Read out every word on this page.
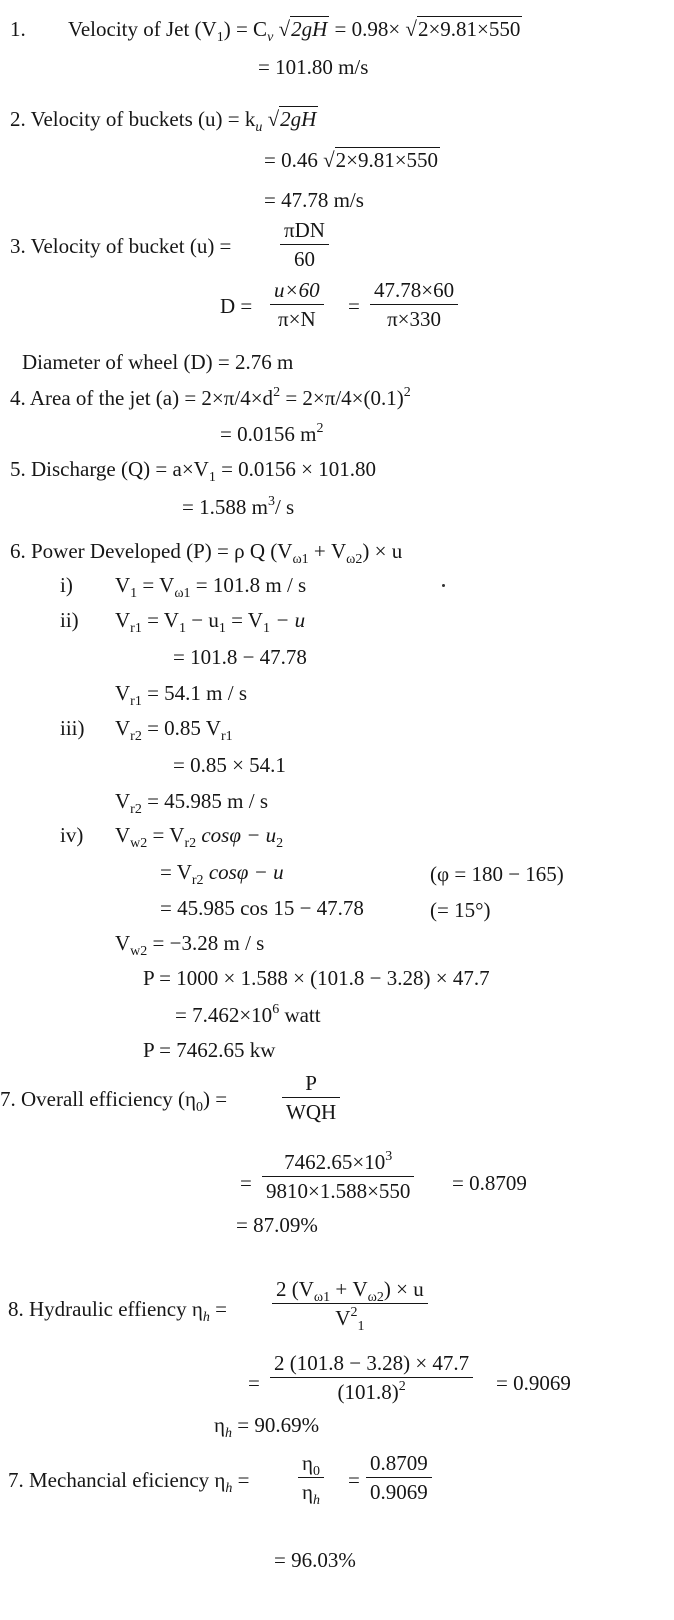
1. Velocity of Jet $(V_1) = C_v$ √2gH = 0.98× √2×9.81×550
= 101.80 m/s
2. Velocity of buckets $(u) = k_u$ √2gH
= 0.46 √2×9.81×550
= 47.78 m/s
3. Velocity of bucket (u) =
πDN
60
$D = \frac{u\times 60}{\pi\times N} = \frac{47.78\times 60}{\pi\times 330}$
Diameter of wheel (D) = 2.76 m
4. Area of the jet $(a) = 2\times\pi/4\times d^2 = 2\times\pi/4\times(0.1)^2$
= 0.0156 $m^2$
5. Discharge $(Q) = a\times V_1 = 0.0156 \times 101.80$
= 1.588 $m^3/$ s
6. Power Developed (P) = ρ Q $(V_{\omega 1} + V_{\omega 2}) \times u$
i) $V_1 = V_{\omega 1} = 101.8$ m / s
ii) $V_{r1} = V_1 - u_1 = V_1 - u$
= 101.8 − 47.78
$V_{r1} = 54.1$ m / s
iii) $V_{r2} = 0.85$ $V_{r1}$
= 0.85 × 54.1
$V_{r2} = 45.985$ m / s
iv) $V_{w2} = V_{r2}$ $\cos\varphi - u_2$
= $V_{r2}$ cosφ − u	(φ = 180 − 165)
= 45.985 cos 15 − 47.78	(= 15°)
$V_{w2} = -3.28$ m / s
P = 1000 × 1.588 × (101.8 − 3.28) × 47.7
= $7.462\times 10^6$ watt
P = 7462.65 kw
7. Overall efficiency $(\eta_0)$ =
P
WQH
= $\frac{7462.65\times 10^3}{9810\times 1.588\times 550} = 0.8709$
= 87.09%
8. Hydraulic effiency $\eta_h = \frac{2 (V_{\omega 1} + V_{\omega 2}) \times u}{V^2_1}$
= $\frac{2 (101.8 - 3.28) \times 47.7}{(101.8)^2} = 0.9069$
$\eta_h = 90.69\%$
7. Mechancial eficiency $\eta_h = \frac{\eta_0}{\eta_h} = \frac{0.8709}{0.9069}$
= 96.03%
